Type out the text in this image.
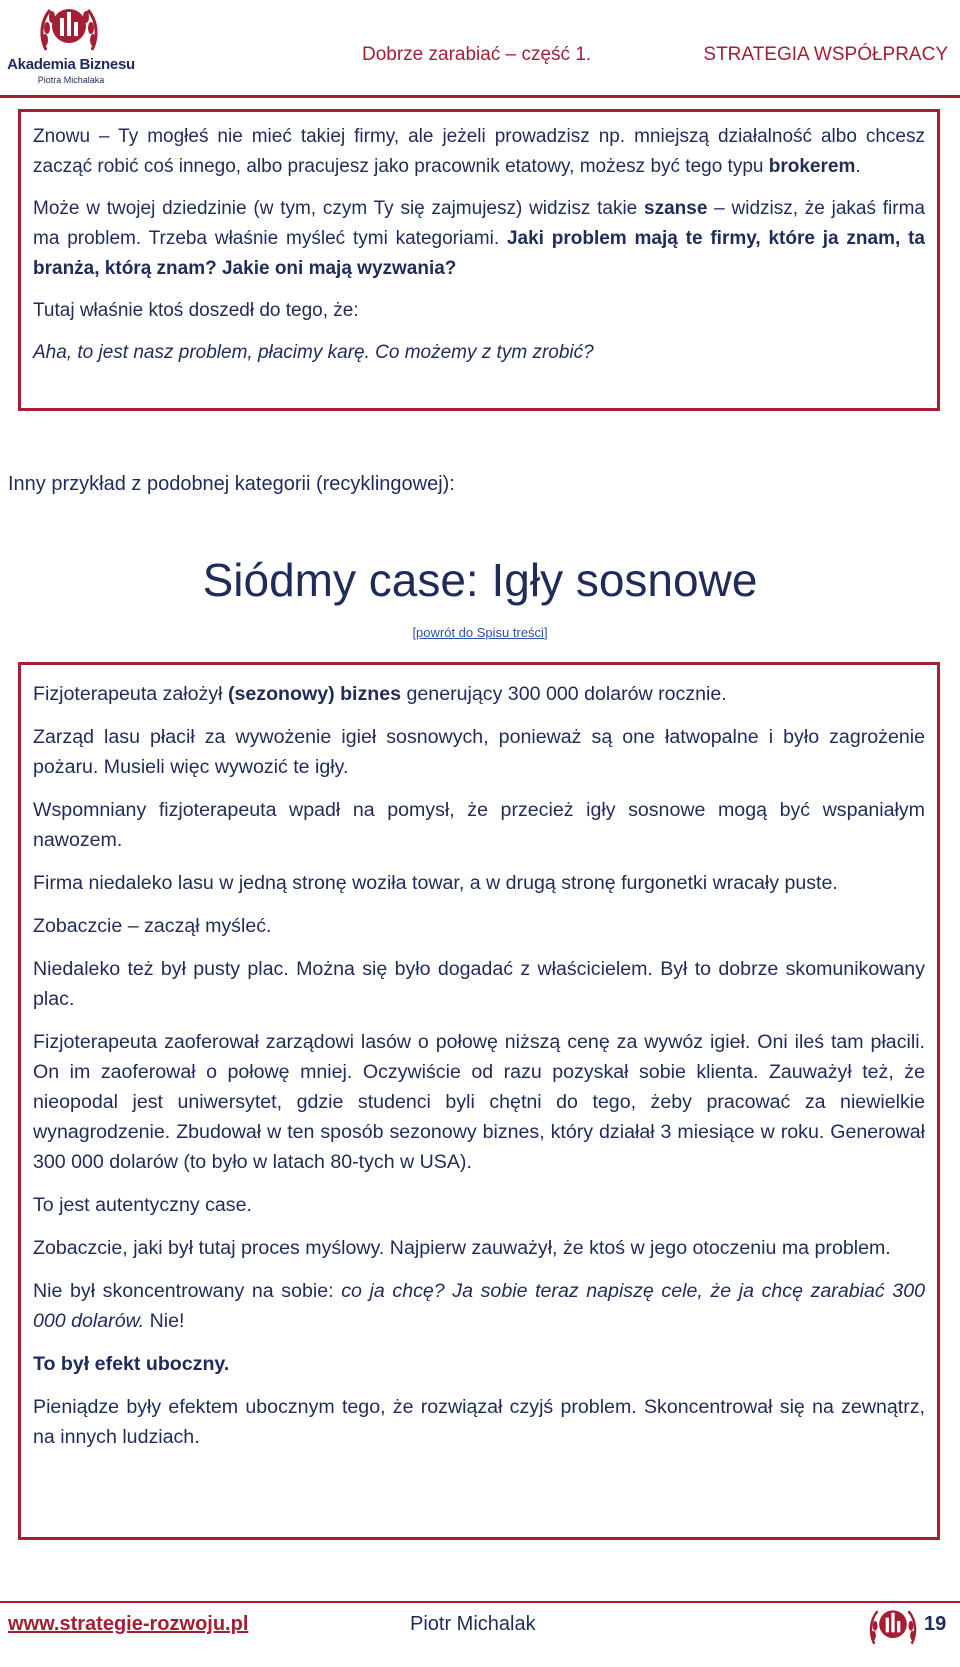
Akademia Biznesu
Piotra Michalaka
Dobrze zarabiać – część 1.	STRATEGIA WSPÓŁPRACY

Znowu – Ty mogłeś nie mieć takiej firmy, ale jeżeli prowadzisz np. mniejszą działalność albo chcesz zacząć robić coś innego, albo pracujesz jako pracownik etatowy, możesz być tego typu brokerem.

Może w twojej dziedzinie (w tym, czym Ty się zajmujesz) widzisz takie szanse – widzisz, że jakaś firma ma problem. Trzeba właśnie myśleć tymi kategoriami. Jaki problem mają te firmy, które ja znam, ta branża, którą znam? Jakie oni mają wyzwania?

Tutaj właśnie ktoś doszedł do tego, że:

Aha, to jest nasz problem, płacimy karę. Co możemy z tym zrobić?

Inny przykład z podobnej kategorii (recyklingowej):
Siódmy case: Igły sosnowe
[powrót do Spisu treści]

Fizjoterapeuta założył (sezonowy) biznes generujący 300 000 dolarów rocznie.

Zarząd lasu płacił za wywożenie igieł sosnowych, ponieważ są one łatwopalne i było zagrożenie pożaru. Musieli więc wywozić te igły.

Wspomniany fizjoterapeuta wpadł na pomysł, że przecież igły sosnowe mogą być wspaniałym nawozem.

Firma niedaleko lasu w jedną stronę woziła towar, a w drugą stronę furgonetki wracały puste.

Zobaczcie – zaczął myśleć.

Niedaleko też był pusty plac. Można się było dogadać z właścicielem. Był to dobrze skomunikowany plac.

Fizjoterapeuta zaoferował zarządowi lasów o połowę niższą cenę za wywóz igieł. Oni ileś tam płacili. On im zaoferował o połowę mniej. Oczywiście od razu pozyskał sobie klienta. Zauważył też, że nieopodal jest uniwersytet, gdzie studenci byli chętni do tego, żeby pracować za niewielkie wynagrodzenie. Zbudował w ten sposób sezonowy biznes, który działał 3 miesiące w roku. Generował 300 000 dolarów (to było w latach 80-tych w USA).

To jest autentyczny case.

Zobaczcie, jaki był tutaj proces myślowy. Najpierw zauważył, że ktoś w jego otoczeniu ma problem.

Nie był skoncentrowany na sobie: co ja chcę? Ja sobie teraz napiszę cele, że ja chcę zarabiać 300 000 dolarów. Nie!

To był efekt uboczny.

Pieniądze były efektem ubocznym tego, że rozwiązał czyjś problem. Skoncentrował się na zewnątrz, na innych ludziach.

www.strategie-rozwoju.pl	Piotr Michalak	19
